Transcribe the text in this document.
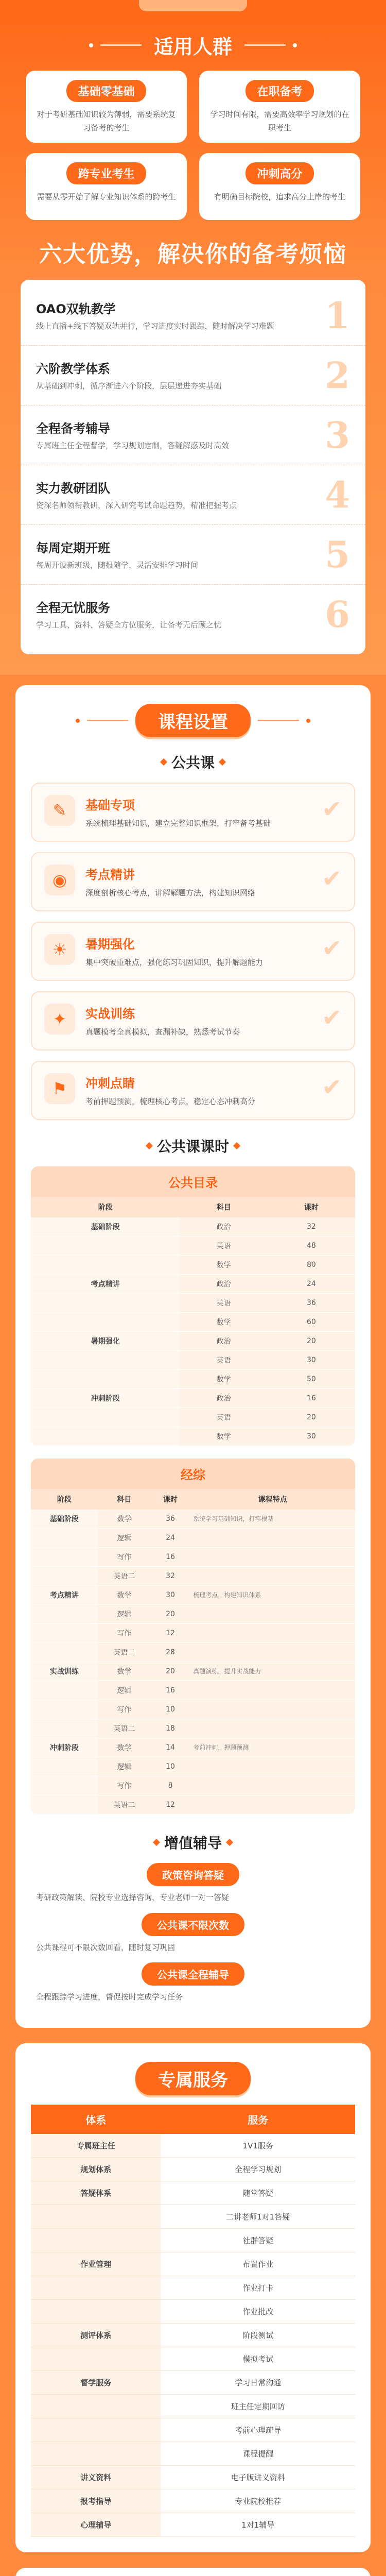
适用人群
基础零基础
对于考研基础知识较为薄弱，需要系统复习备考的考生
在职备考
学习时间有限，需要高效率学习规划的在职考生
跨专业考生
需要从零开始了解专业知识体系的跨考生
冲刺高分
有明确目标院校，追求高分上岸的考生
六大优势，解决你的备考烦恼
OAO双轨教学
线上直播+线下答疑双轨并行，学习进度实时跟踪，随时解决学习难题	1
六阶教学体系
从基础到冲刺，循序渐进六个阶段，层层递进夯实基础	2
全程备考辅导
专属班主任全程督学，学习规划定制，答疑解惑及时高效	3
实力教研团队
资深名师领衔教研，深入研究考试命题趋势，精准把握考点	4
每周定期开班
每周开设新班级，随报随学，灵活安排学习时间	5
全程无忧服务
学习工具、资料、答疑全方位服务，让备考无后顾之忧	6
课程设置
公共课
✎	基础专项
系统梳理基础知识，建立完整知识框架，打牢备考基础
✔
◉	考点精讲
深度剖析核心考点，讲解解题方法，构建知识网络
✔
☀	暑期强化
集中突破重难点，强化练习巩固知识，提升解题能力
✔
✦	实战训练
真题模考全真模拟，查漏补缺，熟悉考试节奏
✔
⚑	冲刺点睛
考前押题预测，梳理核心考点，稳定心态冲刺高分
✔
公共课课时
公共目录
阶段	科目	课时
基础阶段	政治	32
	英语	48
	数学	80
考点精讲	政治	24
	英语	36
	数学	60
暑期强化	政治	20
	英语	30
	数学	50
冲刺阶段	政治	16
	英语	20
	数学	30
经综
阶段	科目	课时	课程特点
基础阶段	数学	36	系统学习基础知识，打牢根基
	逻辑	24	
	写作	16	
	英语二	32	
考点精讲	数学	30	梳理考点，构建知识体系
	逻辑	20	
	写作	12	
	英语二	28	
实战训练	数学	20	真题演练，提升实战能力
	逻辑	16	
	写作	10	
	英语二	18	
冲刺阶段	数学	14	考前冲刺，押题预测
	逻辑	10	
	写作	8	
	英语二	12	
增值辅导
政策咨询答疑
考研政策解读、院校专业选择咨询，专业老师一对一答疑
公共课不限次数
公共课程可不限次数回看，随时复习巩固
公共课全程辅导
全程跟踪学习进度，督促按时完成学习任务
专属服务
体系	服务
专属班主任	1V1服务
规划体系	全程学习规划
答疑体系	随堂答疑
	二讲老师1对1答疑
	社群答疑
作业管理	布置作业
	作业打卡
	作业批改
测评体系	阶段测试
	模拟考试
督学服务	学习日常沟通
	班主任定期回访
	考前心理疏导
	课程提醒
讲义资料	电子版讲义资料
报考指导	专业院校推荐
心理辅导	1对1辅导
